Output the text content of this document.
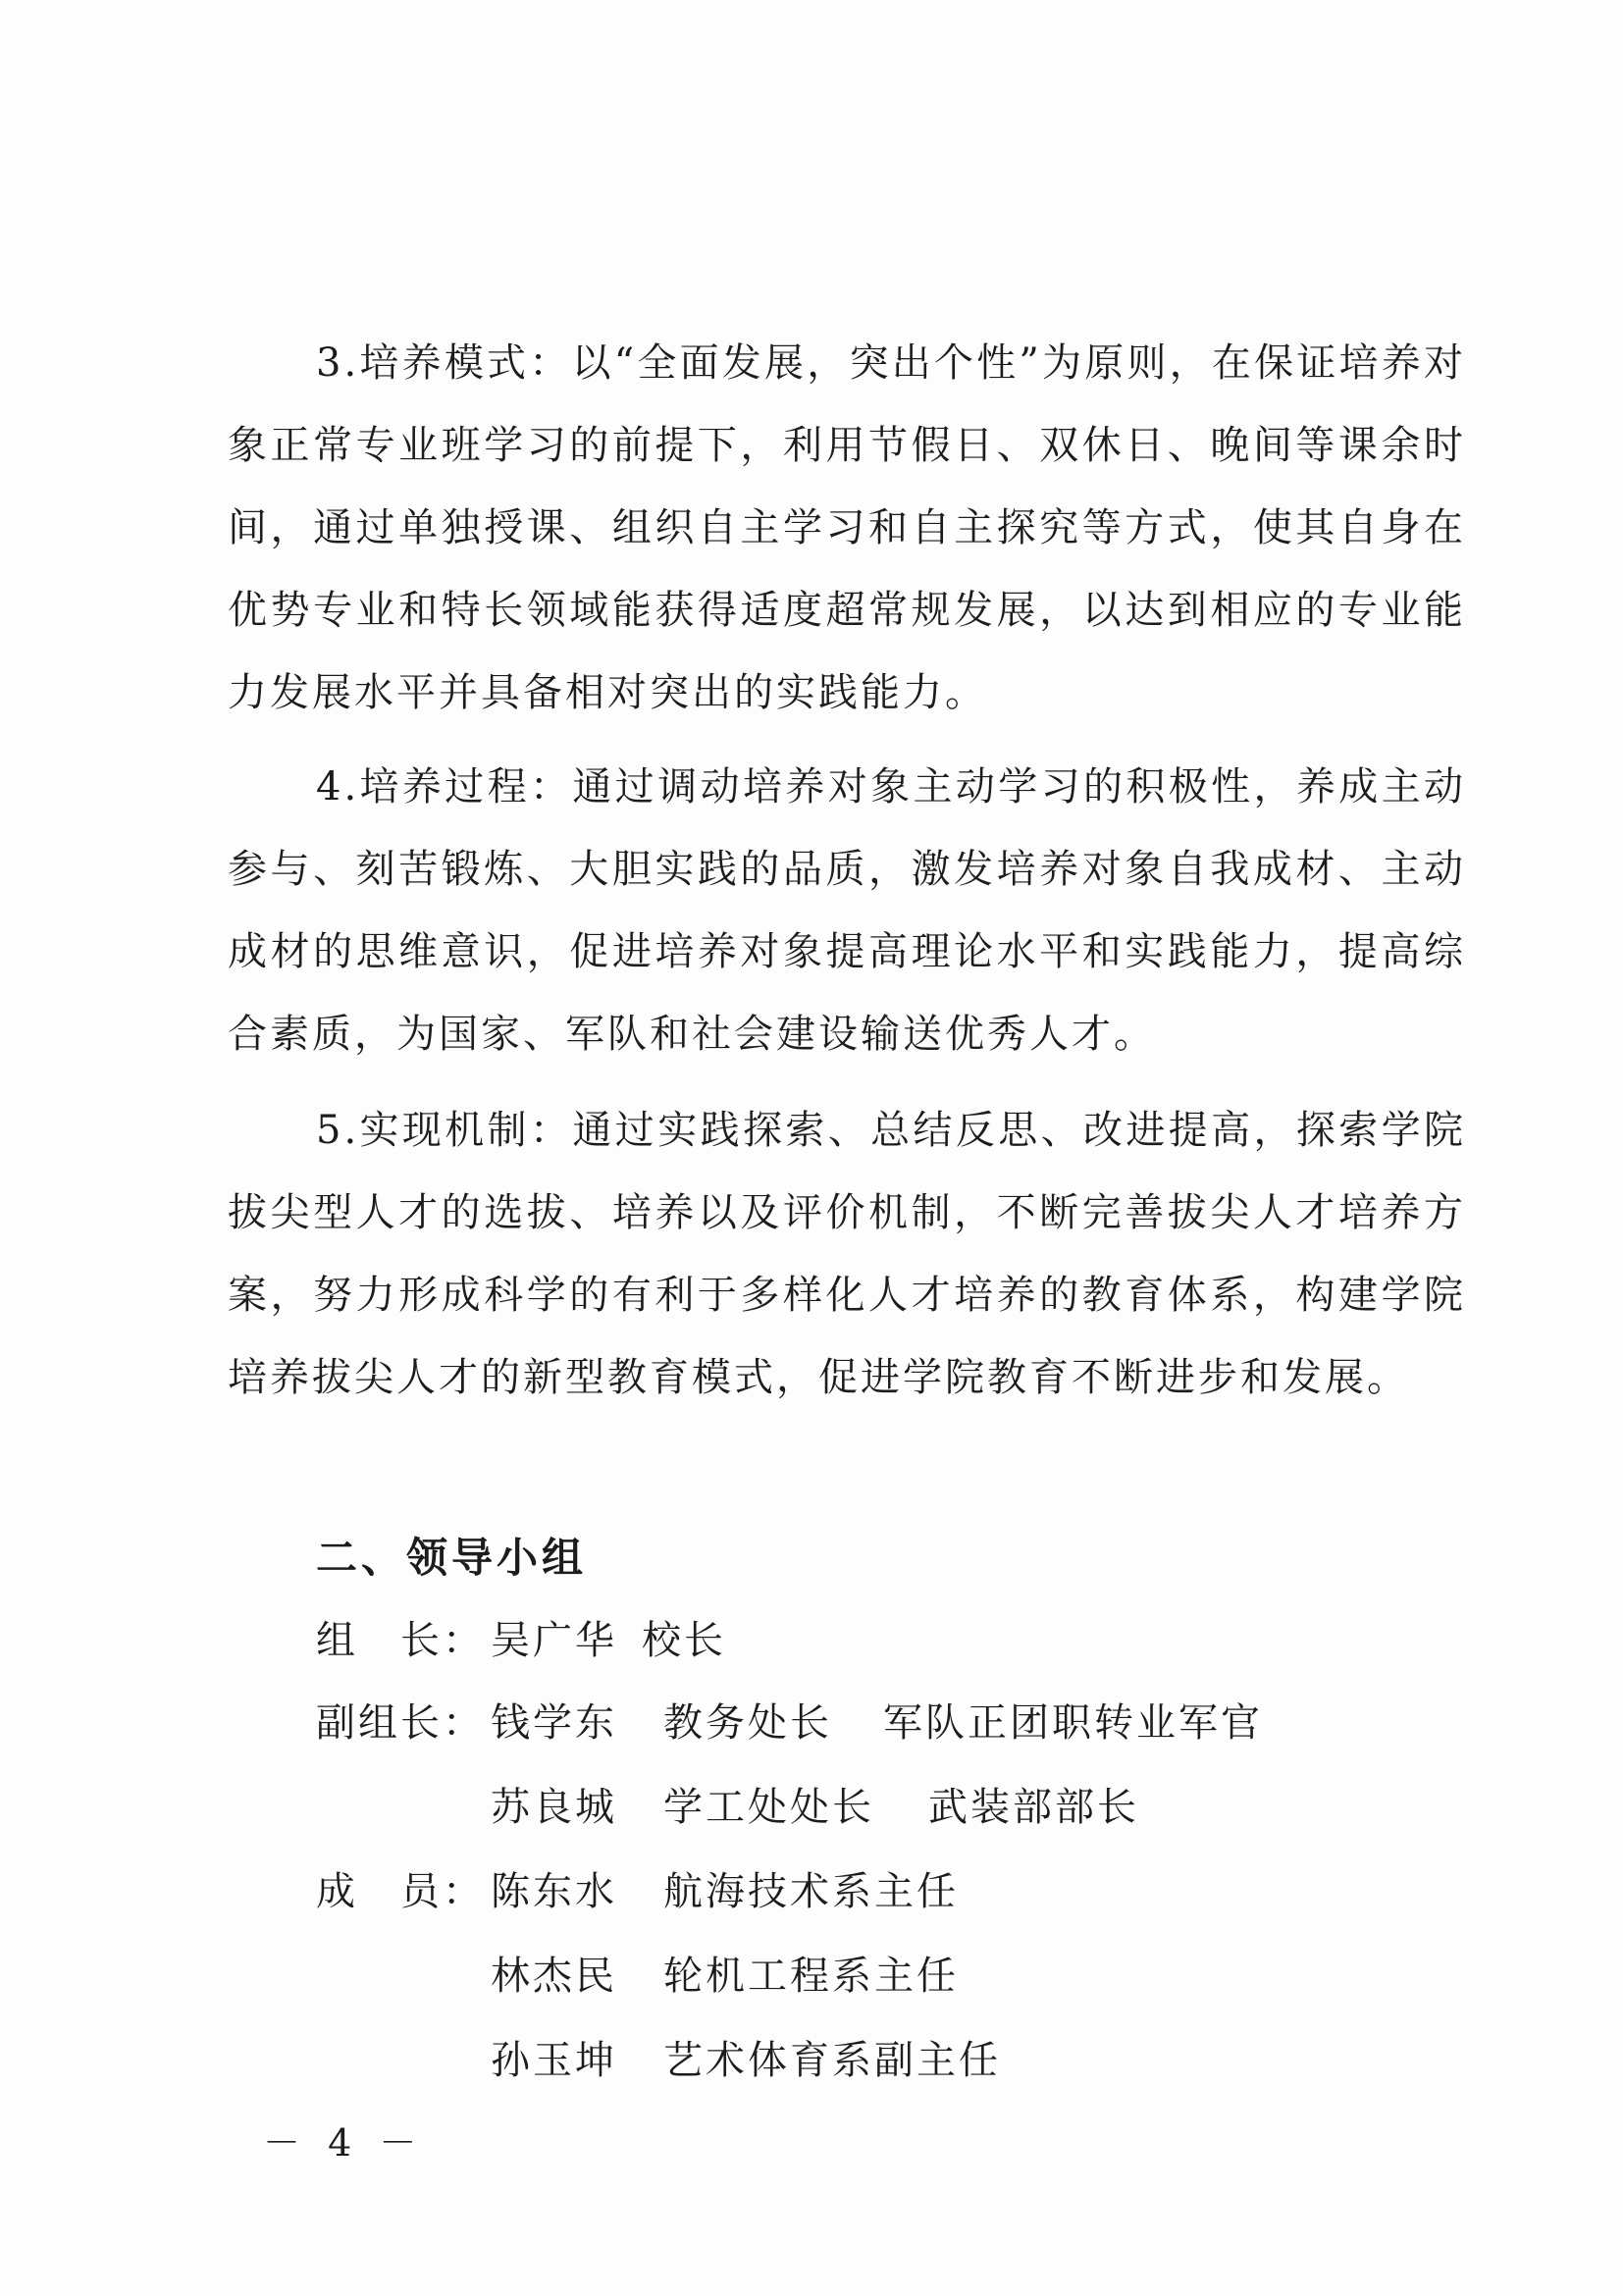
3.培养模式：以“全面发展，突出个性”为原则，在保证培养对象正常专业班学习的前提下，利用节假日、双休日、晚间等课余时间，通过单独授课、组织自主学习和自主探究等方式，使其自身在优势专业和特长领域能获得适度超常规发展，以达到相应的专业能力发展水平并具备相对突出的实践能力。

4.培养过程：通过调动培养对象主动学习的积极性，养成主动参与、刻苦锻炼、大胆实践的品质，激发培养对象自我成材、主动成材的思维意识，促进培养对象提高理论水平和实践能力，提高综合素质，为国家、军队和社会建设输送优秀人才。

5.实现机制：通过实践探索、总结反思、改进提高，探索学院拔尖型人才的选拔、培养以及评价机制，不断完善拔尖人才培养方案，努力形成科学的有利于多样化人才培养的教育体系，构建学院培养拔尖人才的新型教育模式，促进学院教育不断进步和发展。

二、领导小组
组　长： 吴广华 校长
副组长： 钱学东 教务处长 军队正团职转业军官
苏良城 学工处处长 武装部部长
成　员： 陈东水 航海技术系主任
林杰民 轮机工程系主任
孙玉坤 艺术体育系副主任
－ 4 －
